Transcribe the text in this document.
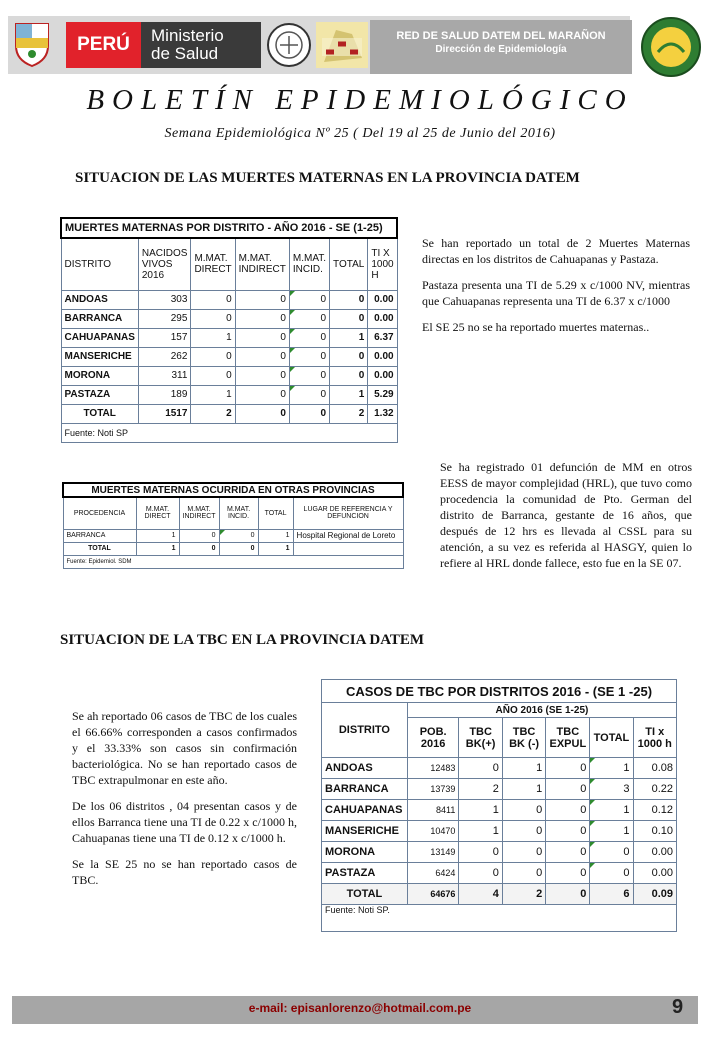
PERÚ	Ministerio
de Salud
RED DE SALUD DATEM DEL MARAÑON
Dirección de Epidemiología
BOLETÍN EPIDEMIOLÓGICO
Semana Epidemiológica Nº 25 ( Del 19 al 25 de Junio del 2016)
SITUACION DE LAS MUERTES MATERNAS EN LA PROVINCIA DATEM
MUERTES MATERNAS POR DISTRITO - AÑO 2016 - SE (1-25)						
DISTRITO	NACIDOS VIVOS 2016	M.MAT. DIRECT	M.MAT. INDIRECT	M.MAT. INCID.	TOTAL	TI X 1000 H
ANDOAS	303	0	0	0	0	0.00
BARRANCA	295	0	0	0	0	0.00
CAHUAPANAS	157	1	0	0	1	6.37
MANSERICHE	262	0	0	0	0	0.00
MORONA	311	0	0	0	0	0.00
PASTAZA	189	1	0	0	1	5.29
TOTAL	1517	2	0	0	2	1.32
Fuente: Noti SP						

Se han reportado un total de 2 Muertes Maternas directas en los distritos de Cahuapanas y Pastaza.

Pastaza presenta una TI de 5.29 x c/1000 NV, mientras que Cahuapanas representa una TI de 6.37 x c/1000

El SE 25 no se ha reportado muertes maternas..

MUERTES MATERNAS OCURRIDA EN OTRAS PROVINCIAS					
PROCEDENCIA	M.MAT. DIRECT	M.MAT. INDIRECT	M.MAT. INCID.	TOTAL	LUGAR DE REFERENCIA Y DEFUNCION
BARRANCA	1	0	0	1	Hospital Regional de Loreto
TOTAL	1	0	0	1	
Fuente: Epidemiol. SDM					

Se ha registrado 01 defunción de MM en otros EESS de mayor complejidad (HRL), que tuvo como procedencia la comunidad de Pto. German del distrito de Barranca, gestante de 16 años, que después de 12 hrs es llevada al CSSL para su atención, a su vez es referida al HASGY, quien lo refiere al HRL donde fallece, esto fue en la SE 07.

SITUACION DE LA TBC EN LA PROVINCIA DATEM

Se ah reportado 06 casos de TBC de los cuales el 66.66% corresponden a casos confirmados y el 33.33% son casos sin confirmación bacteriológica. No se han reportado casos de TBC extrapulmonar en este año.

De los 06 distritos , 04 presentan casos y de ellos Barranca tiene una TI de 0.22 x c/1000 h, Cahuapanas tiene una TI de 0.12 x c/1000 h.

Se la SE 25 no se han reportado casos de TBC.

CASOS DE TBC POR DISTRITOS 2016 - (SE 1 -25)						
DISTRITO	AÑO 2016 (SE 1-25)					
	POB. 2016	TBC BK(+)	TBC BK (-)	TBC EXPUL	TOTAL	TI x 1000 h
ANDOAS	12483	0	1	0	1	0.08
BARRANCA	13739	2	1	0	3	0.22
CAHUAPANAS	8411	1	0	0	1	0.12
MANSERICHE	10470	1	0	0	1	0.10
MORONA	13149	0	0	0	0	0.00
PASTAZA	6424	0	0	0	0	0.00
TOTAL	64676	4	2	0	6	0.09
Fuente: Noti SP.						
e-mail: episanlorenzo@hotmail.com.pe	9
